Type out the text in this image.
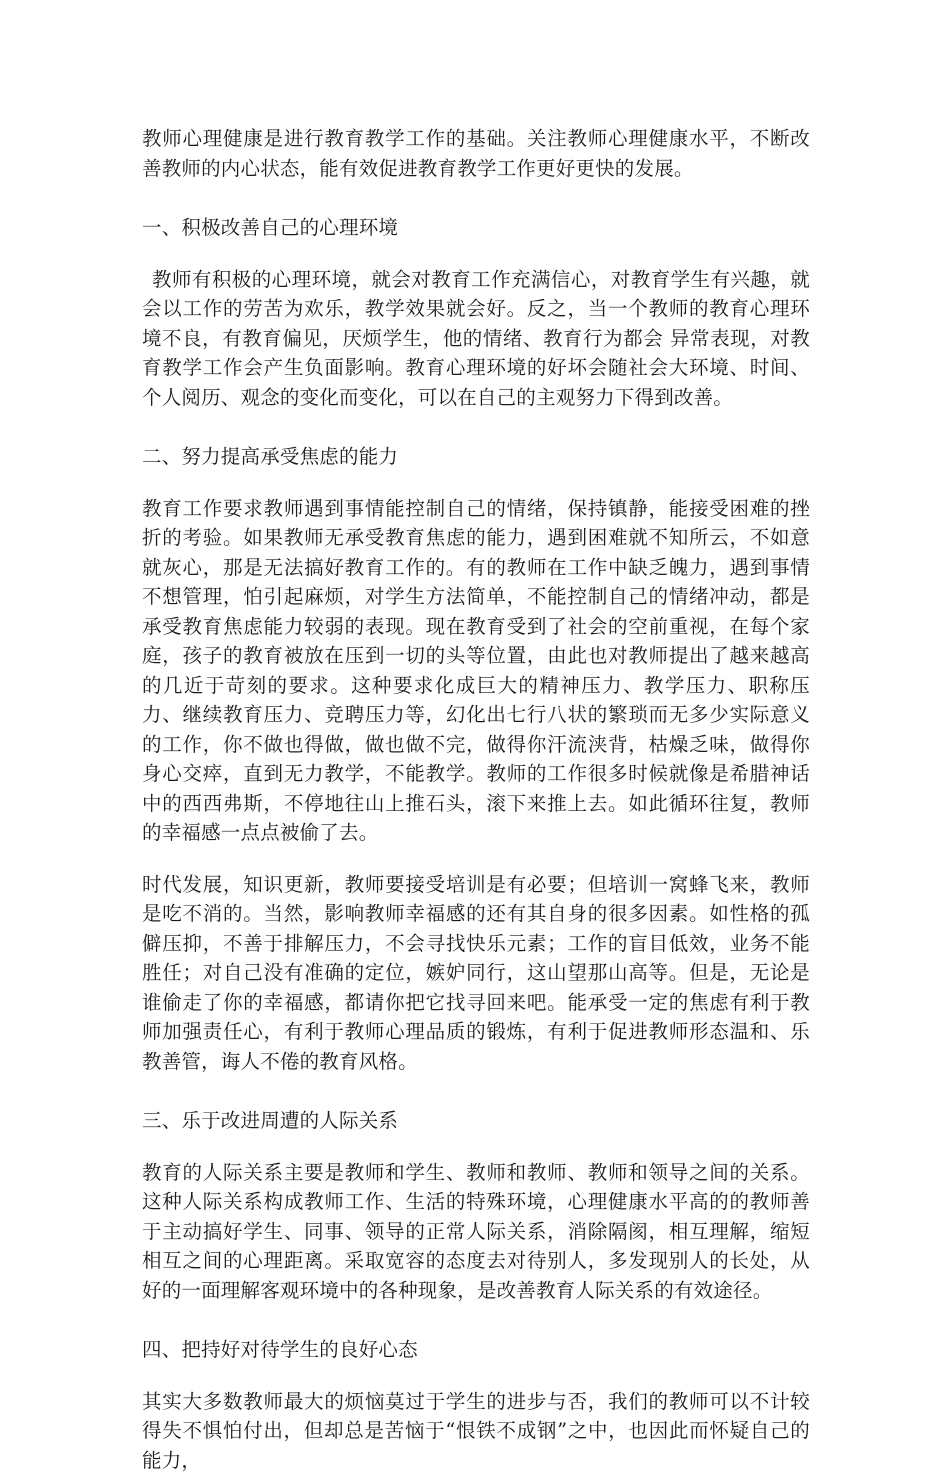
教师心理健康是进行教育教学工作的基础。关注教师心理健康水平，不断改善教师的内心状态，能有效促进教育教学工作更好更快的发展。

一、积极改善自己的心理环境

教师有积极的心理环境，就会对教育工作充满信心，对教育学生有兴趣，就会以工作的劳苦为欢乐，教学效果就会好。反之，当一个教师的教育心理环境不良，有教育偏见，厌烦学生，他的情绪、教育行为都会 异常表现，对教育教学工作会产生负面影响。教育心理环境的好坏会随社会大环境、时间、个人阅历、观念的变化而变化，可以在自己的主观努力下得到改善。

二、努力提高承受焦虑的能力

教育工作要求教师遇到事情能控制自己的情绪，保持镇静，能接受困难的挫折的考验。如果教师无承受教育焦虑的能力，遇到困难就不知所云，不如意就灰心，那是无法搞好教育工作的。有的教师在工作中缺乏魄力，遇到事情不想管理，怕引起麻烦，对学生方法简单，不能控制自己的情绪冲动，都是承受教育焦虑能力较弱的表现。现在教育受到了社会的空前重视，在每个家庭，孩子的教育被放在压到一切的头等位置，由此也对教师提出了越来越高的几近于苛刻的要求。这种要求化成巨大的精神压力、教学压力、职称压力、继续教育压力、竞聘压力等，幻化出七行八状的繁琐而无多少实际意义的工作，你不做也得做，做也做不完，做得你汗流浃背，枯燥乏味，做得你身心交瘁，直到无力教学，不能教学。教师的工作很多时候就像是希腊神话中的西西弗斯，不停地往山上推石头，滚下来推上去。如此循环往复，教师的幸福感一点点被偷了去。

时代发展，知识更新，教师要接受培训是有必要；但培训一窝蜂飞来，教师是吃不消的。当然，影响教师幸福感的还有其自身的很多因素。如性格的孤僻压抑，不善于排解压力，不会寻找快乐元素；工作的盲目低效，业务不能胜任；对自己没有准确的定位，嫉妒同行，这山望那山高等。但是，无论是谁偷走了你的幸福感，都请你把它找寻回来吧。能承受一定的焦虑有利于教师加强责任心，有利于教师心理品质的锻炼，有利于促进教师形态温和、乐教善管，诲人不倦的教育风格。

三、乐于改进周遭的人际关系

教育的人际关系主要是教师和学生、教师和教师、教师和领导之间的关系。这种人际关系构成教师工作、生活的特殊环境，心理健康水平高的的教师善于主动搞好学生、同事、领导的正常人际关系，消除隔阂，相互理解，缩短相互之间的心理距离。采取宽容的态度去对待别人，多发现别人的长处，从好的一面理解客观环境中的各种现象，是改善教育人际关系的有效途径。

四、把持好对待学生的良好心态

其实大多数教师最大的烦恼莫过于学生的进步与否，我们的教师可以不计较得失不惧怕付出，但却总是苦恼于“恨铁不成钢”之中，也因此而怀疑自己的能力，
